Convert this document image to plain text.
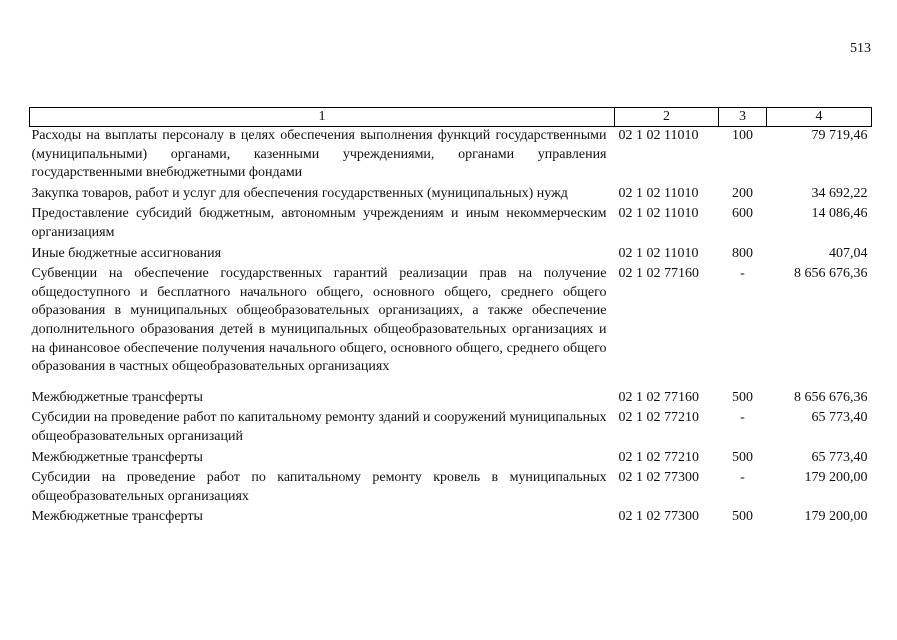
513
1	2	3	4
Расходы на выплаты персоналу в целях обеспечения выполнения функций государственными (муниципальными) органами, казенными учреждениями, органами управления государственными внебюджетными фондами	02 1 02 11010	100	79 719,46
Закупка товаров, работ и услуг для обеспечения государственных (муниципальных) нужд	02 1 02 11010	200	34 692,22
Предоставление субсидий бюджетным, автономным учреждениям и иным некоммерческим организациям	02 1 02 11010	600	14 086,46
Иные бюджетные ассигнования	02 1 02 11010	800	407,04
Субвенции на обеспечение государственных гарантий реализации прав на получение общедоступного и бесплатного начального общего, основного общего, среднего общего образования в муниципальных общеобразовательных организациях, а также обеспечение дополнительного образования детей в муниципальных общеобразовательных организациях и на финансовое обеспечение получения начального общего, основного общего, среднего общего образования в частных общеобразовательных организациях	02 1 02 77160	-	8 656 676,36
Межбюджетные трансферты	02 1 02 77160	500	8 656 676,36
Субсидии на проведение работ по капитальному ремонту зданий и сооружений муниципальных общеобразовательных организаций	02 1 02 77210	-	65 773,40
Межбюджетные трансферты	02 1 02 77210	500	65 773,40
Субсидии на проведение работ по капитальному ремонту кровель в муниципальных общеобразовательных организациях	02 1 02 77300	-	179 200,00
Межбюджетные трансферты	02 1 02 77300	500	179 200,00
